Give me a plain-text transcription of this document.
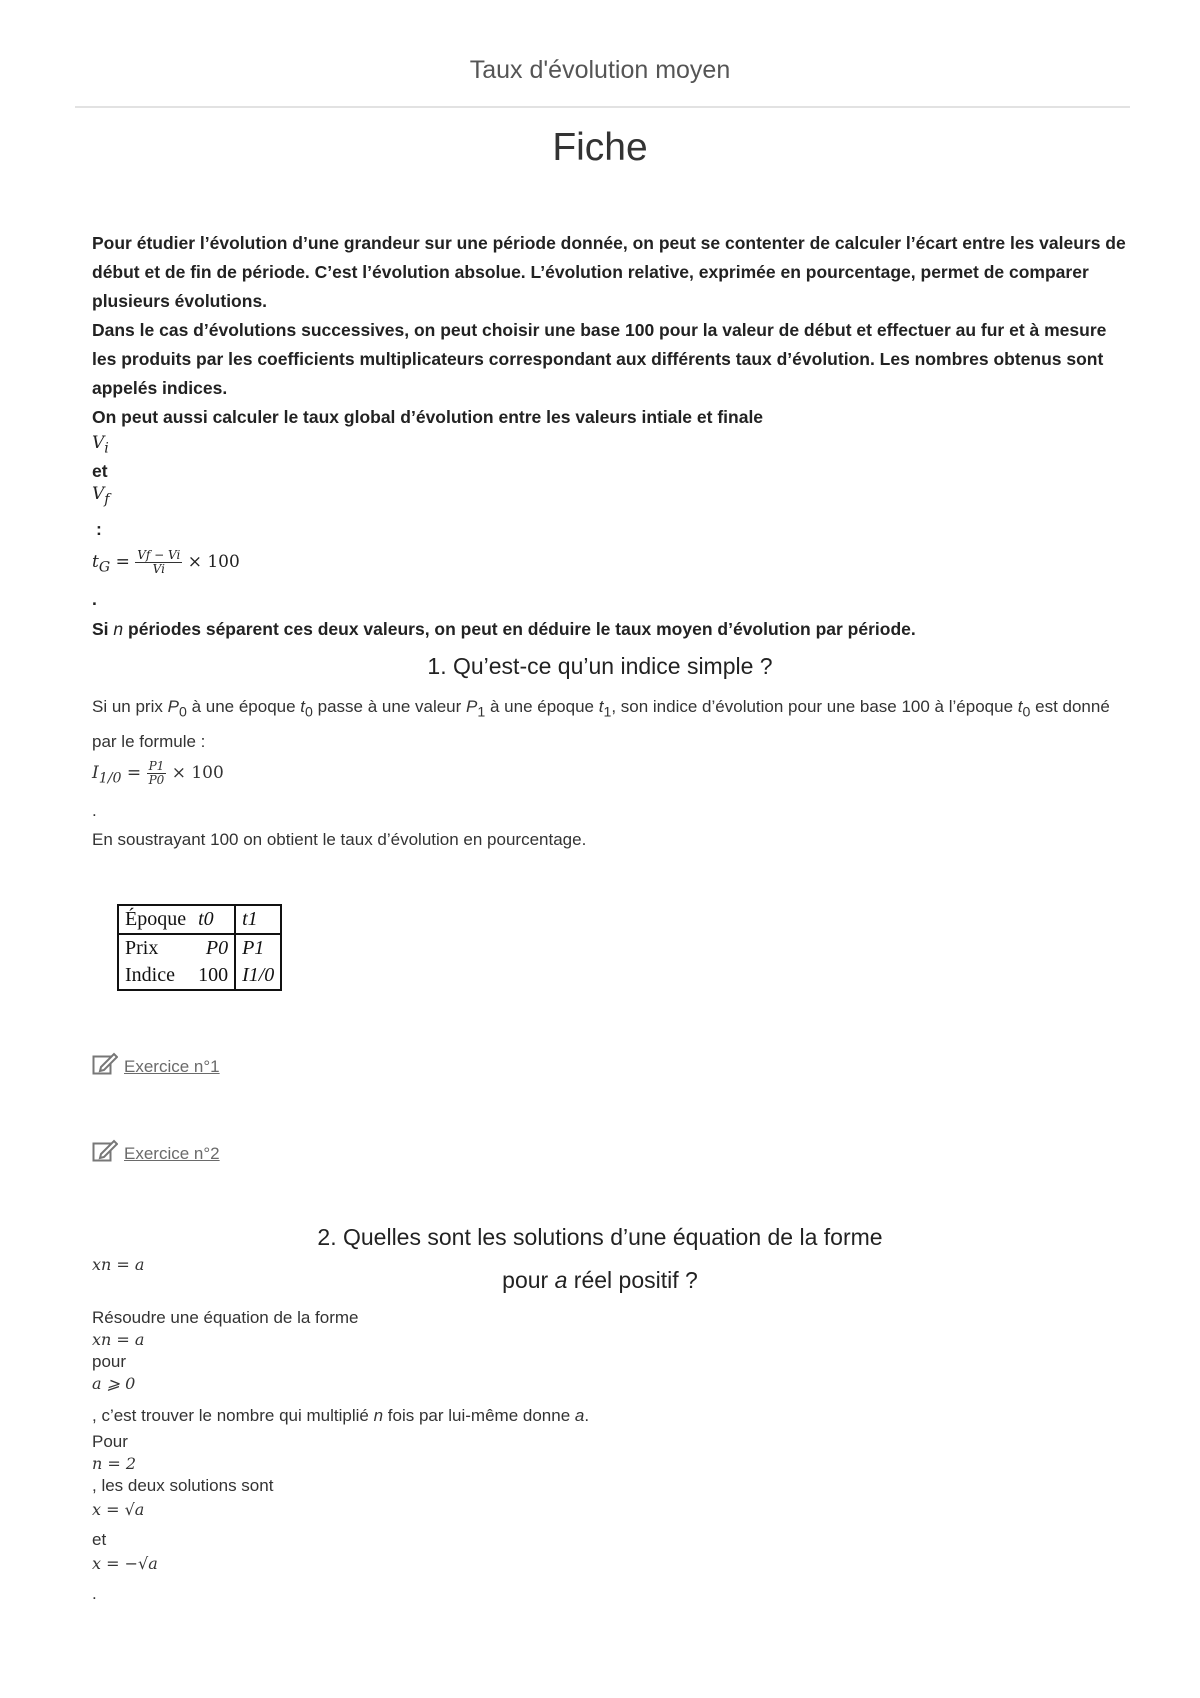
Taux d'évolution moyen
Fiche

Pour étudier l’évolution d’une grandeur sur une période donnée, on peut se contenter de calculer l’écart entre les valeurs de début et de fin de période. C’est l’évolution absolue. L’évolution relative, exprimée en pourcentage, permet de comparer plusieurs évolutions.

Dans le cas d’évolutions successives, on peut choisir une base 100 pour la valeur de début et effectuer au fur et à mesure les produits par les coefficients multiplicateurs correspondant aux différents taux d’évolution. Les nombres obtenus sont appelés indices.

On peut aussi calculer le taux global d’évolution entre les valeurs intiale et finale

$V_i$

et

$V_f$

:

$t_G = \frac{Vf - Vi}{Vi} \times 100$

.

Si n périodes séparent ces deux valeurs, on peut en déduire le taux moyen d’évolution par période.

1. Qu’est-ce qu’un indice simple ?

Si un prix $P_0$ à une époque $t_0$ passe à une valeur $P_1$ à une époque $t_1$, son indice d’évolution pour une base 100 à l’époque $t_0$ est donné par le formule :

$I_{1/0} = \frac{P1}{P0} \times 100$

.

En soustrayant 100 on obtient le taux d’évolution en pourcentage.

Époque	t0	t1
Prix	P0	P1
Indice	100	I1/0
Exercice n°1
Exercice n°2
2. Quelles sont les solutions d’une équation de la forme
xn = a
pour a réel positif ?

Résoudre une équation de la forme

xn = a

pour

a ⩾ 0

, c’est trouver le nombre qui multiplié n fois par lui-même donne a.

Pour

n = 2

, les deux solutions sont

x = √a

et

x = −√a

.
